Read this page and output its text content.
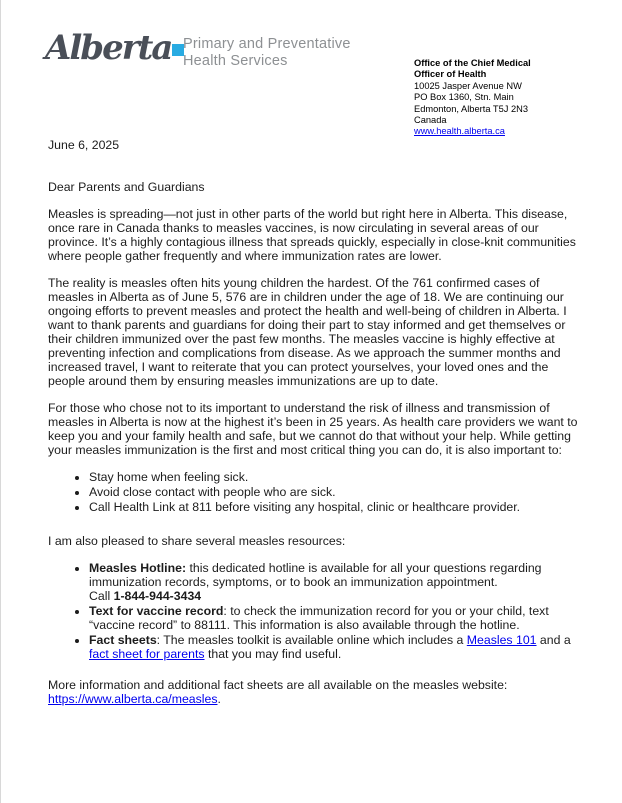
Alberta Primary and Preventative
Health Services	Office of the Chief Medical
Officer of Health
10025 Jasper Avenue NW
PO Box 1360, Stn. Main
Edmonton, Alberta T5J 2N3
Canada
www.health.alberta.ca

June 6, 2025

Dear Parents and Guardians

Measles is spreading—not just in other parts of the world but right here in Alberta. This disease, once rare in Canada thanks to measles vaccines, is now circulating in several areas of our province. It’s a highly contagious illness that spreads quickly, especially in close-knit communities where people gather frequently and where immunization rates are lower.

The reality is measles often hits young children the hardest. Of the 761 confirmed cases of measles in Alberta as of June 5, 576 are in children under the age of 18. We are continuing our ongoing efforts to prevent measles and protect the health and well-being of children in Alberta. I want to thank parents and guardians for doing their part to stay informed and get themselves or their children immunized over the past few months. The measles vaccine is highly effective at preventing infection and complications from disease. As we approach the summer months and increased travel, I want to reiterate that you can protect yourselves, your loved ones and the people around them by ensuring measles immunizations are up to date.

For those who chose not to its important to understand the risk of illness and transmission of measles in Alberta is now at the highest it’s been in 25 years. As health care providers we want to keep you and your family health and safe, but we cannot do that without your help. While getting your measles immunization is the first and most critical thing you can do, it is also important to:

• Stay home when feeling sick.
• Avoid close contact with people who are sick.
• Call Health Link at 811 before visiting any hospital, clinic or healthcare provider.

I am also pleased to share several measles resources:

• Measles Hotline: this dedicated hotline is available for all your questions regarding immunization records, symptoms, or to book an immunization appointment.
Call 1-844-944-3434
• Text for vaccine record: to check the immunization record for you or your child, text “vaccine record” to 88111. This information is also available through the hotline.
• Fact sheets: The measles toolkit is available online which includes a Measles 101 and a fact sheet for parents that you may find useful.

More information and additional fact sheets are all available on the measles website:
https://www.alberta.ca/measles.
